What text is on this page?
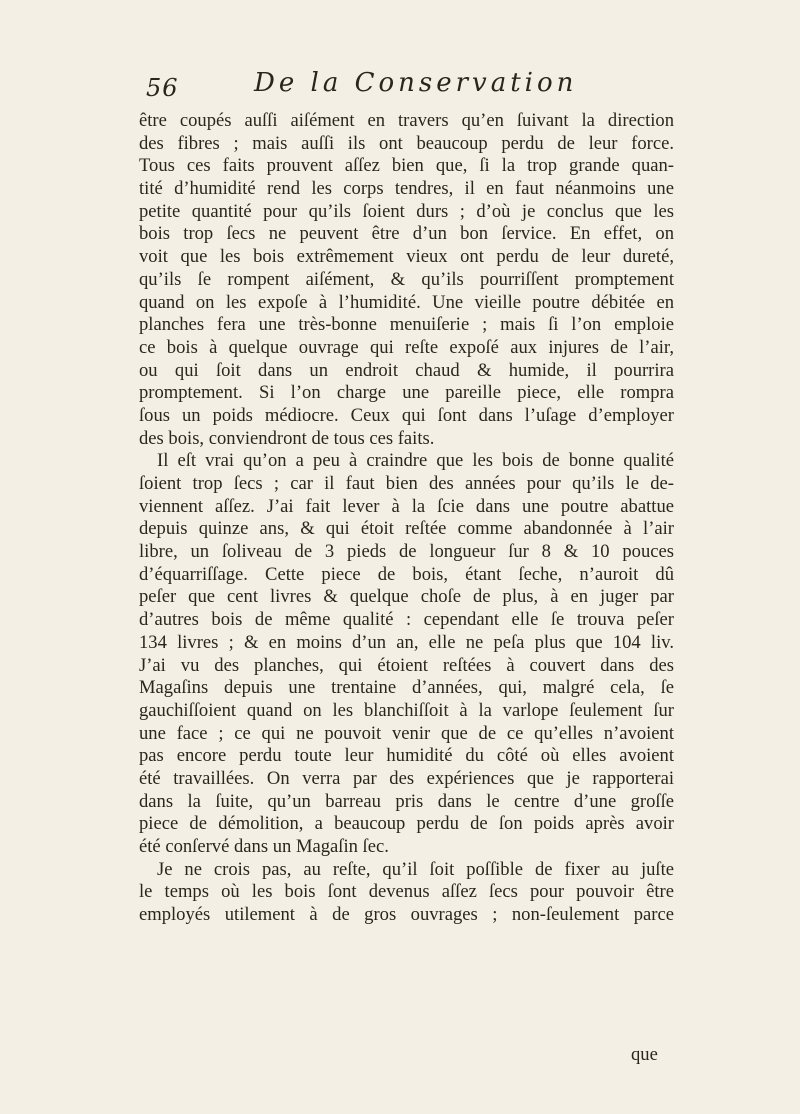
56	De la Conservation
être coupés auſſi aiſément en travers qu’en ſuivant la direction
des fibres ; mais auſſi ils ont beaucoup perdu de leur force.
Tous ces faits prouvent aſſez bien que, ſi la trop grande quan-
tité d’humidité rend les corps tendres, il en faut néanmoins une
petite quantité pour qu’ils ſoient durs ; d’où je conclus que les
bois trop ſecs ne peuvent être d’un bon ſervice. En effet, on
voit que les bois extrêmement vieux ont perdu de leur dureté,
qu’ils ſe rompent aiſément, & qu’ils pourriſſent promptement
quand on les expoſe à l’humidité. Une vieille poutre débitée en
planches fera une très-bonne menuiſerie ; mais ſi l’on emploie
ce bois à quelque ouvrage qui reſte expoſé aux injures de l’air,
ou qui ſoit dans un endroit chaud & humide, il pourrira
promptement. Si l’on charge une pareille piece, elle rompra
ſous un poids médiocre. Ceux qui ſont dans l’uſage d’employer
des bois, conviendront de tous ces faits.
Il eſt vrai qu’on a peu à craindre que les bois de bonne qualité
ſoient trop ſecs ; car il faut bien des années pour qu’ils le de-
viennent aſſez. J’ai fait lever à la ſcie dans une poutre abattue
depuis quinze ans, & qui étoit reſtée comme abandonnée à l’air
libre, un ſoliveau de 3 pieds de longueur ſur 8 & 10 pouces
d’équarriſſage. Cette piece de bois, étant ſeche, n’auroit dû
peſer que cent livres & quelque choſe de plus, à en juger par
d’autres bois de même qualité : cependant elle ſe trouva peſer
134 livres ; & en moins d’un an, elle ne peſa plus que 104 liv.
J’ai vu des planches, qui étoient reſtées à couvert dans des
Magaſins depuis une trentaine d’années, qui, malgré cela, ſe
gauchiſſoient quand on les blanchiſſoit à la varlope ſeulement ſur
une face ; ce qui ne pouvoit venir que de ce qu’elles n’avoient
pas encore perdu toute leur humidité du côté où elles avoient
été travaillées. On verra par des expériences que je rapporterai
dans la ſuite, qu’un barreau pris dans le centre d’une groſſe
piece de démolition, a beaucoup perdu de ſon poids après avoir
été conſervé dans un Magaſin ſec.
Je ne crois pas, au reſte, qu’il ſoit poſſible de fixer au juſte
le temps où les bois ſont devenus aſſez ſecs pour pouvoir être
employés utilement à de gros ouvrages ; non-ſeulement parce
que
